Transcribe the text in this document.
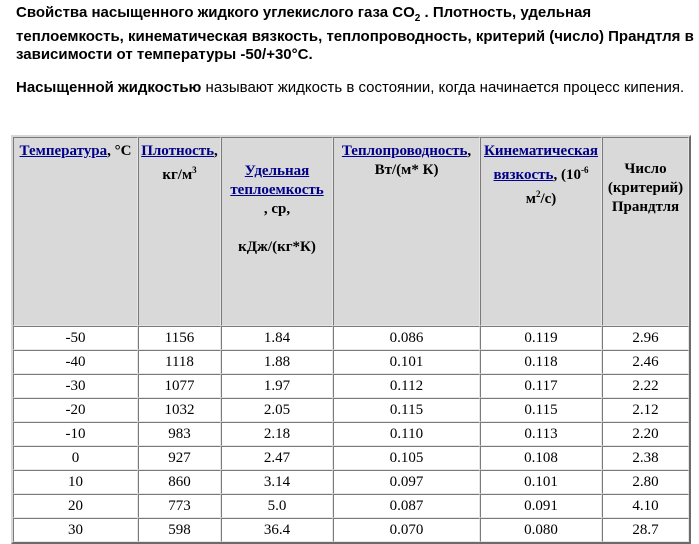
Свойства насыщенного жидкого углекислого газа $CO_2$ . Плотность, удельная теплоемкость, кинематическая вязкость, теплопроводность, критерий (число) Прандтля в зависимости от температуры -50/+30°C.
Насыщенной жидкостью называют жидкость в состоянии, когда начинается процесс кипения.
Температура, °С	Плотность, $кг/м^3$	Удельная теплоемкость
, ср,

кДж/(кг*К)	Теплопроводность, Вт/(м* К)	Кинематическая вязкость, ($10^{-6}$ $м^2/с$)	Число (критерий) Прандтля
-50	1156	1.84	0.086	0.119	2.96
-40	1118	1.88	0.101	0.118	2.46
-30	1077	1.97	0.112	0.117	2.22
-20	1032	2.05	0.115	0.115	2.12
-10	983	2.18	0.110	0.113	2.20
0	927	2.47	0.105	0.108	2.38
10	860	3.14	0.097	0.101	2.80
20	773	5.0	0.087	0.091	4.10
30	598	36.4	0.070	0.080	28.7
